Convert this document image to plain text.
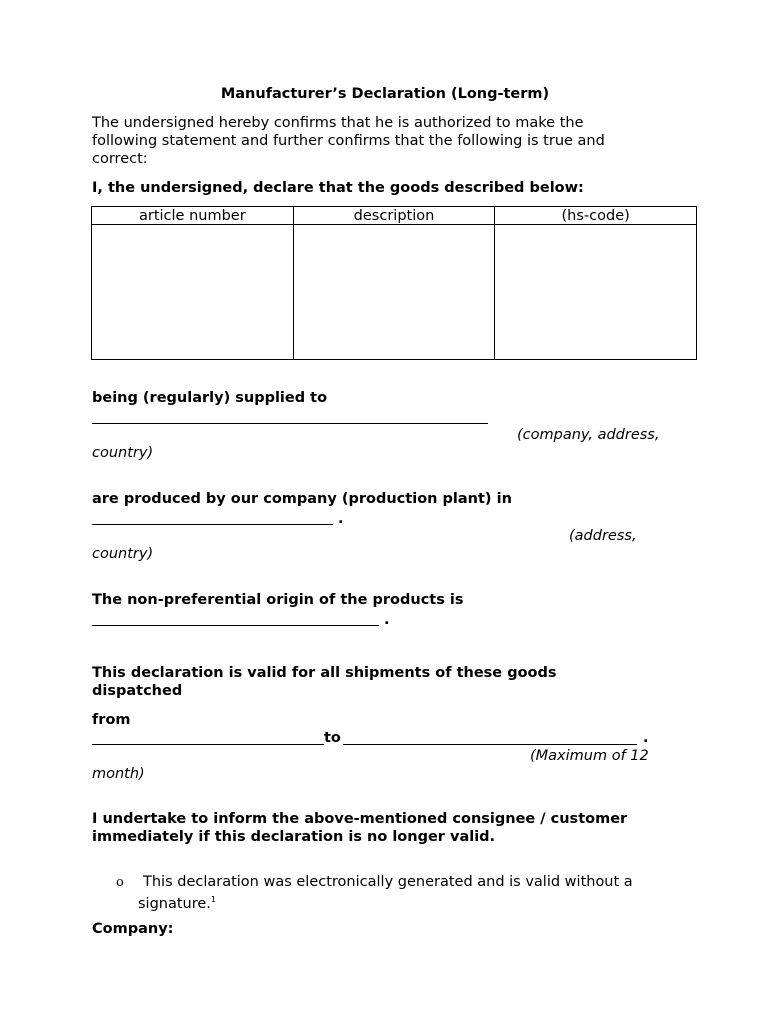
Manufacturer’s Declaration (Long-term)
The undersigned hereby confirms that he is authorized to make the
following statement and further confirms that the following is true and
correct:
I, the undersigned, declare that the goods described below:
article number	description	(hs-code)

being (regularly) supplied to
(company, address,
country)
are produced by our company (production plant) in
.
(address,
country)
The non-preferential origin of the products is
.
This declaration is valid for all shipments of these goods
dispatched
from
to	.
(Maximum of 12
month)
I undertake to inform the above-mentioned consignee / customer
immediately if this declaration is no longer valid.
o This declaration was electronically generated and is valid without a
signature.$^1$
Company:
